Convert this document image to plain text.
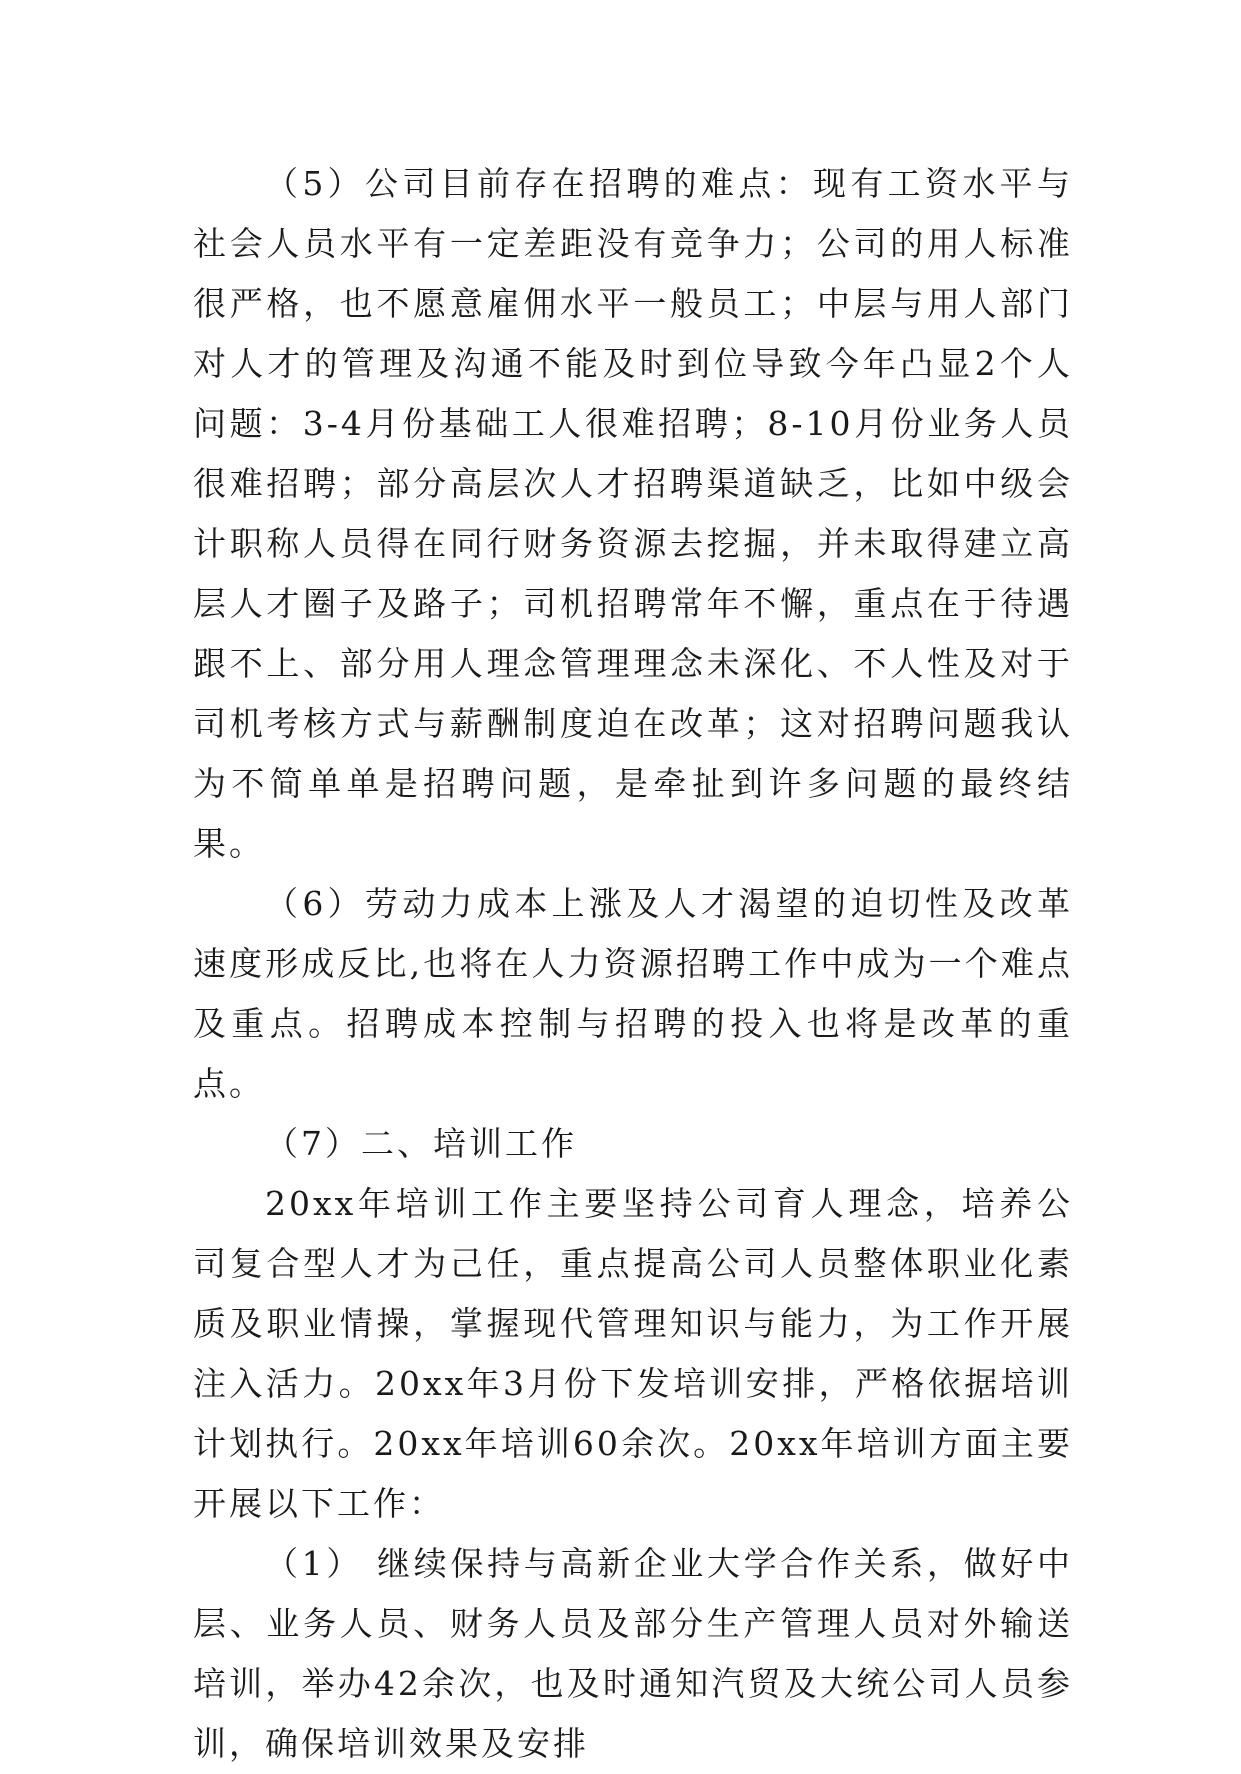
（5）公司目前存在招聘的难点：现有工资水平与社会人员水平有一定差距没有竞争力；公司的用人标准很严格，也不愿意雇佣水平一般员工；中层与用人部门对人才的管理及沟通不能及时到位导致今年凸显2个人问题：3-4月份基础工人很难招聘；8-10月份业务人员很难招聘；部分高层次人才招聘渠道缺乏，比如中级会计职称人员得在同行财务资源去挖掘，并未取得建立高层人才圈子及路子；司机招聘常年不懈，重点在于待遇跟不上、部分用人理念管理理念未深化、不人性及对于司机考核方式与薪酬制度迫在改革；这对招聘问题我认为不简单单是招聘问题，是牵扯到许多问题的最终结果。

（6）劳动力成本上涨及人才渴望的迫切性及改革速度形成反比,也将在人力资源招聘工作中成为一个难点及重点。招聘成本控制与招聘的投入也将是改革的重点。

（7）二、培训工作

20xx年培训工作主要坚持公司育人理念，培养公司复合型人才为己任，重点提高公司人员整体职业化素质及职业情操，掌握现代管理知识与能力，为工作开展注入活力。20xx年3月份下发培训安排，严格依据培训计划执行。20xx年培训60余次。20xx年培训方面主要开展以下工作：

（1） 继续保持与高新企业大学合作关系，做好中层、业务人员、财务人员及部分生产管理人员对外输送培训，举办42余次，也及时通知汽贸及大统公司人员参训，确保培训效果及安排
